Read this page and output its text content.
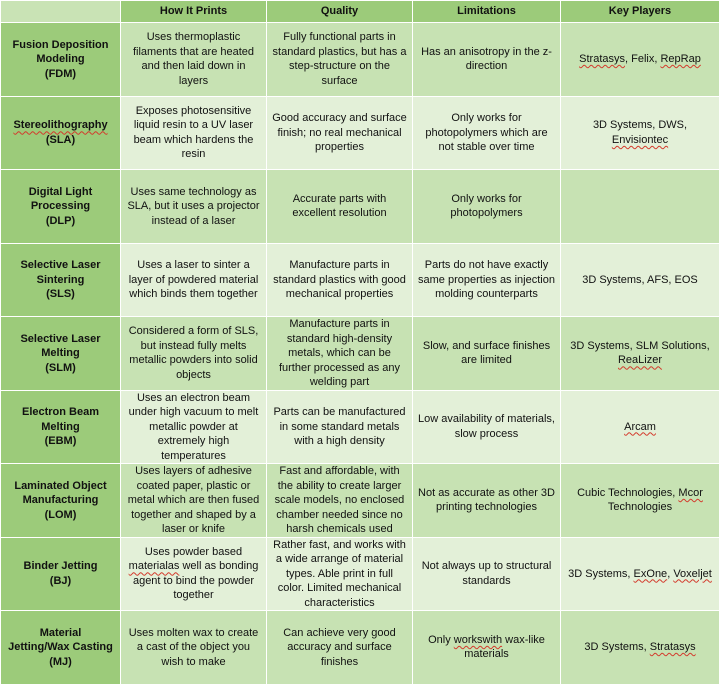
	How It Prints	Quality	Limitations	Key Players
Fusion Deposition
Modeling
(FDM)	Uses thermoplastic filaments that are heated and then laid down in layers	Fully functional parts in standard plastics, but has a step-structure on the surface	Has an anisotropy in the z-direction	Stratasys, Felix, RepRap
Stereolithography
(SLA)	Exposes photosensitive liquid resin to a UV laser beam which hardens the resin	Good accuracy and surface finish; no real mechanical properties	Only works for photopolymers which are not stable over time	3D Systems, DWS, Envisiontec
Digital Light
Processing
(DLP)	Uses same technology as SLA, but it uses a projector instead of a laser	Accurate parts with excellent resolution	Only works for photopolymers	
Selective Laser
Sintering
(SLS)	Uses a laser to sinter a layer of powdered material which binds them together	Manufacture parts in standard plastics with good mechanical properties	Parts do not have exactly same properties as injection molding counterparts	3D Systems, AFS, EOS
Selective Laser
Melting
(SLM)	Considered a form of SLS, but instead fully melts metallic powders into solid objects	Manufacture parts in standard high-density metals, which can be further processed as any welding part	Slow, and surface finishes are limited	3D Systems, SLM Solutions, ReaLizer
Electron Beam
Melting
(EBM)	Uses an electron beam under high vacuum to melt metallic powder at extremely high temperatures	Parts can be manufactured in some standard metals with a high density	Low availability of materials, slow process	Arcam
Laminated Object
Manufacturing
(LOM)	Uses layers of adhesive coated paper, plastic or metal which are then fused together and shaped by a laser or knife	Fast and affordable, with the ability to create larger scale models, no enclosed chamber needed since no harsh chemicals used	Not as accurate as other 3D printing technologies	Cubic Technologies, Mcor Technologies
Binder Jetting
(BJ)	Uses powder based materialas well as bonding agent to bind the powder together	Rather fast, and works with a wide arrange of material types. Able print in full color. Limited mechanical characteristics	Not always up to structural standards	3D Systems, ExOne, Voxeljet
Material
Jetting/Wax Casting
(MJ)	Uses molten wax to create a cast of the object you wish to make	Can achieve very good accuracy and surface finishes	Only workswith wax-like materials	3D Systems, Stratasys
